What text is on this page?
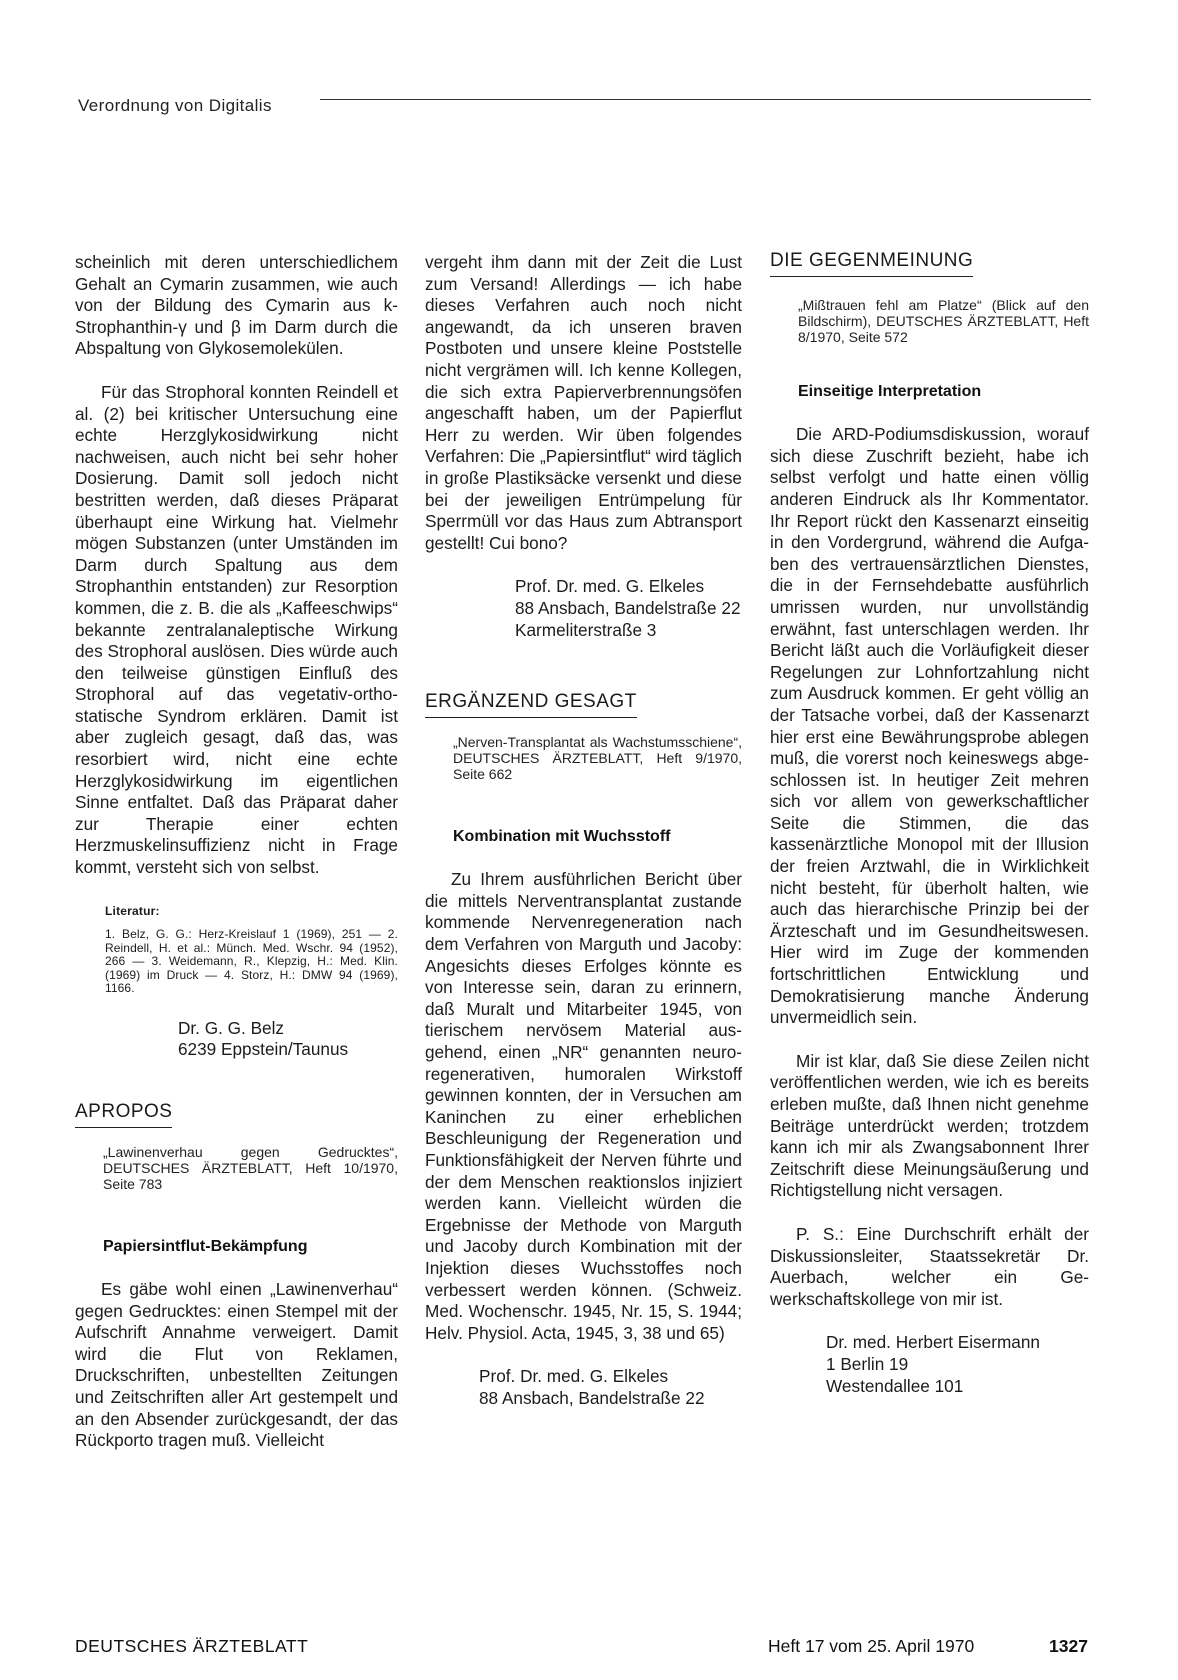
Verordnung von Digitalis

scheinlich mit deren unterschiedlichem Gehalt an Cymarin zusammen, wie auch von der Bildung des Cymarin aus k-Strophanthin-γ und β im Darm durch die Abspaltung von Glykosemolekülen.

Für das Strophoral konnten Reindell et al. (2) bei kritischer Untersuchung eine echte Herzglykosidwirkung nicht nachweisen, auch nicht bei sehr hoher Dosierung. Damit soll jedoch nicht bestritten werden, daß dieses Präparat überhaupt eine Wirkung hat. Vielmehr mögen Substanzen (unter Umständen im Darm durch Spaltung aus dem Strophanthin entstanden) zur Resorption kommen, die z. B. die als „Kaffeeschwips“ bekannte zentralanaleptische Wirkung des Strophoral auslösen. Dies würde auch den teilweise günstigen Einfluß des Strophoral auf das vegetativ-orthostatische Syndrom erklären. Damit ist aber zugleich gesagt, daß das, was resorbiert wird, nicht eine echte Herzglykosidwirkung im eigentlichen Sinne entfaltet. Daß das Präparat daher zur Therapie einer echten Herzmuskelinsuffizienz nicht in Frage kommt, versteht sich von selbst.

Literatur:

1. Belz, G. G.: Herz-Kreislauf 1 (1969), 251 — 2. Reindell, H. et al.: Münch. Med. Wschr. 94 (1952), 266 — 3. Weidemann, R., Klepzig, H.: Med. Klin. (1969) im Druck — 4. Storz, H.: DMW 94 (1969), 1166.

Dr. G. G. Belz

6239 Eppstein/Taunus

APROPOS

„Lawinenverhau gegen Gedrucktes“, DEUTSCHES ÄRZTEBLATT, Heft 10/1970, Seite 783

Papiersintflut-Bekämpfung

Es gäbe wohl einen „Lawinenverhau“ gegen Gedrucktes: einen Stempel mit der Aufschrift Annahme verweigert. Damit wird die Flut von Reklamen, Druckschriften, unbestellten Zeitungen und Zeitschriften aller Art gestempelt und an den Absender zurückgesandt, der das Rückporto tragen muß. Vielleicht

vergeht ihm dann mit der Zeit die Lust zum Versand! Allerdings — ich habe dieses Verfahren auch noch nicht angewandt, da ich unseren braven Postboten und unsere kleine Poststelle nicht vergrämen will. Ich kenne Kollegen, die sich extra Papierverbrennungsöfen angeschafft haben, um der Papierflut Herr zu werden. Wir üben folgendes Verfahren: Die „Papiersintflut“ wird täglich in große Plastiksäcke versenkt und diese bei der jeweiligen Entrümpelung für Sperrmüll vor das Haus zum Abtransport gestellt! Cui bono?

Prof. Dr. med. G. Elkeles

88 Ansbach, Bandelstraße 22

Karmeliterstraße 3

ERGÄNZEND GESAGT

„Nerven-Transplantat als Wachstumsschiene“, DEUTSCHES ÄRZTEBLATT, Heft 9/1970, Seite 662

Kombination mit Wuchsstoff

Zu Ihrem ausführlichen Bericht über die mittels Nerventransplantat zustande kommende Nervenregeneration nach dem Verfahren von Marguth und Jacoby: Angesichts dieses Erfolges könnte es von Interesse sein, daran zu erinnern, daß Muralt und Mitarbeiter 1945, von tierischem nervösem Material ausgehend, einen „NR“ genannten neuro-regenerativen, humoralen Wirkstoff gewinnen konnten, der in Versuchen am Kaninchen zu einer erheblichen Beschleunigung der Regeneration und Funktionsfähigkeit der Nerven führte und der dem Menschen reaktionslos injiziert werden kann. Vielleicht würden die Ergebnisse der Methode von Marguth und Jacoby durch Kombination mit der Injektion dieses Wuchsstoffes noch verbessert werden können. (Schweiz. Med. Wochenschr. 1945, Nr. 15, S. 1944; Helv. Physiol. Acta, 1945, 3, 38 und 65)

Prof. Dr. med. G. Elkeles

88 Ansbach, Bandelstraße 22

DIE GEGENMEINUNG

„Mißtrauen fehl am Platze“ (Blick auf den Bildschirm), DEUTSCHES ÄRZTEBLATT, Heft 8/1970, Seite 572

Einseitige Interpretation

Die ARD-Podiumsdiskussion, worauf sich diese Zuschrift bezieht, habe ich selbst verfolgt und hatte einen völlig anderen Eindruck als Ihr Kommentator. Ihr Report rückt den Kassenarzt einseitig in den Vordergrund, während die Aufgaben des vertrauensärztlichen Dienstes, die in der Fernsehdebatte ausführlich umrissen wurden, nur unvollständig erwähnt, fast unterschlagen werden. Ihr Bericht läßt auch die Vorläufigkeit dieser Regelungen zur Lohnfortzahlung nicht zum Ausdruck kommen. Er geht völlig an der Tatsache vorbei, daß der Kassenarzt hier erst eine Bewährungsprobe ablegen muß, die vorerst noch keineswegs abgeschlossen ist. In heutiger Zeit mehren sich vor allem von gewerkschaftlicher Seite die Stimmen, die das kassenärztliche Monopol mit der Illusion der freien Arztwahl, die in Wirklichkeit nicht besteht, für überholt halten, wie auch das hierarchische Prinzip bei der Ärzteschaft und im Gesundheitswesen. Hier wird im Zuge der kommenden fortschrittlichen Entwicklung und Demokratisierung manche Änderung unvermeidlich sein.

Mir ist klar, daß Sie diese Zeilen nicht veröffentlichen werden, wie ich es bereits erleben mußte, daß Ihnen nicht genehme Beiträge unterdrückt werden; trotzdem kann ich mir als Zwangsabonnent Ihrer Zeitschrift diese Meinungsäußerung und Richtigstellung nicht versagen.

P. S.: Eine Durchschrift erhält der Diskussionsleiter, Staatssekretär Dr. Auerbach, welcher ein Gewerkschaftskollege von mir ist.

Dr. med. Herbert Eisermann

1 Berlin 19

Westendallee 101

DEUTSCHES ÄRZTEBLATT	Heft 17 vom 25. April 1970	1327
